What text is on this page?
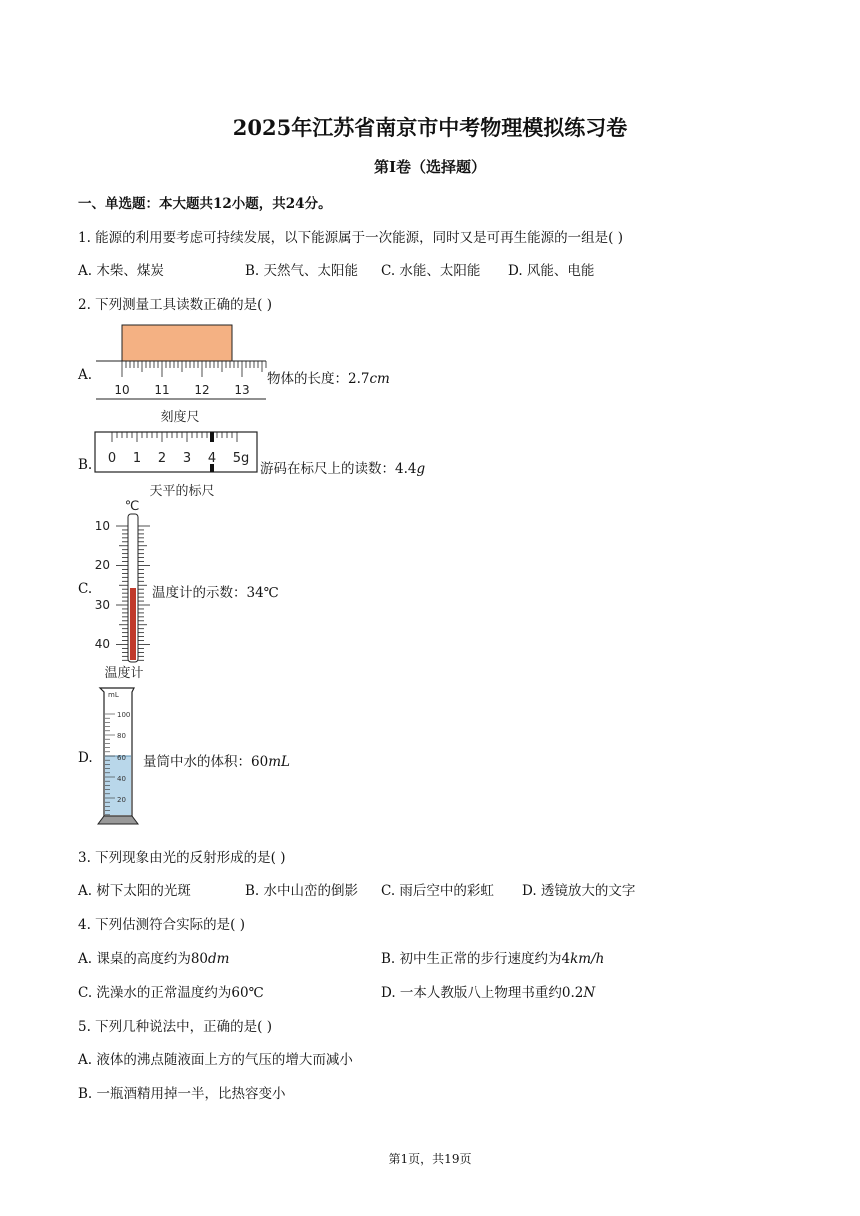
2025年江苏省南京市中考物理模拟练习卷
第I卷（选择题）
一、单选题：本大题共12小题，共24分。
1. 能源的利用要考虑可持续发展，以下能源属于一次能源，同时又是可再生能源的一组是( )
A. 木柴、煤炭	B. 天然气、太阳能 C. 水能、太阳能 D. 风能、电能
2. 下列测量工具读数正确的是( )
A.
10 11 12 13
刻度尺
物体的长度：2.7cm
B. 0 1 2 3 4 5g
天平的标尺
游码在标尺上的读数：4.4g
C.
℃
10
20
30
40
温度计
温度计的示数：34℃
D.
mL
100
80
60
40
20
量筒中水的体积：60mL
3. 下列现象由光的反射形成的是( )
A. 树下太阳的光斑	B. 水中山峦的倒影 C. 雨后空中的彩虹 D. 透镜放大的文字
4. 下列估测符合实际的是( )
A. 课桌的高度约为80dm	B. 初中生正常的步行速度约为4km/h
C. 洗澡水的正常温度约为60℃	D. 一本人教版八上物理书重约0.2N
5. 下列几种说法中，正确的是( )
A. 液体的沸点随液面上方的气压的增大而减小
B. 一瓶酒精用掉一半，比热容变小
第1页，共19页
